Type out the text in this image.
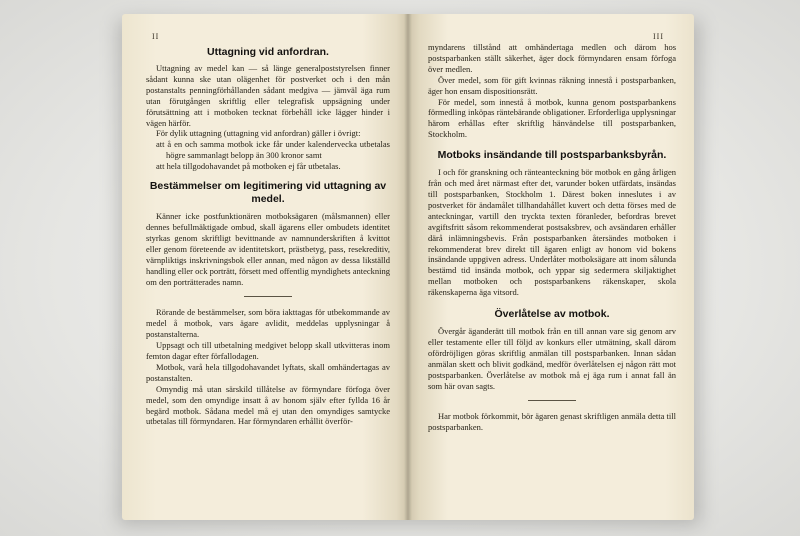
II
Uttagning vid anfordran.
Uttagning av medel kan — så länge generalpoststyrelsen finner sådant kunna ske utan olägenhet för postverket och i den mån postanstalts penningförhållanden sådant medgiva — jämväl äga rum utan förutgången skriftlig eller telegrafisk uppsägning under förutsättning att i motboken tecknat förbehåll icke lägger hinder i vägen härför.
För dylik uttagning (uttagning vid anfordran) gäller i övrigt:
att å en och samma motbok icke får under kalendervecka utbetalas högre sammanlagt belopp än 300 kronor samt
att hela tillgodohavandet på motboken ej får utbetalas.
Bestämmelser om legitimering vid uttagning av medel.
Känner icke postfunktionären motboksägaren (målsmannen) eller dennes befullmäktigade ombud, skall ägarens eller ombudets identitet styrkas genom skriftligt bevittnande av namnunderskriften å kvittot eller genom företeende av identitetskort, prästbetyg, pass, resekreditiv, värnpliktigs inskrivningsbok eller annan, med någon av dessa likställd handling eller ock porträtt, försett med offentlig myndighets anteckning om den porträtterades namn.
Rörande de bestämmelser, som böra iakttagas för utbekommande av medel å motbok, vars ägare avlidit, meddelas upplysningar å postanstalterna.
Uppsagt och till utbetalning medgivet belopp skall utkvitteras inom femton dagar efter förfallodagen.
Motbok, varå hela tillgodohavandet lyftats, skall omhändertagas av postanstalten.
Omyndig må utan särskild tillåtelse av förmyndare förfoga över medel, som den omyndige insatt å av honom själv efter fyllda 16 år begärd motbok. Sådana medel må ej utan den omyndiges samtycke utbetalas till förmyndaren. Har förmyndaren erhållit överför-
III
myndarens tillstånd att omhändertaga medlen och därom hos postsparbanken ställt säkerhet, äger dock förmyndaren ensam förfoga över medlen.
Över medel, som för gift kvinnas räkning innestå i postsparbanken, äger hon ensam dispositionsrätt.
För medel, som innestå å motbok, kunna genom postsparbankens förmedling inköpas räntebärande obligationer. Erforderliga upplysningar härom erhållas efter skriftlig hänvändelse till postsparbanken, Stockholm.
Motboks insändande till postsparbanksbyrån.
I och för granskning och ränteanteckning bör motbok en gång årligen från och med året närmast efter det, varunder boken utfärdats, insändas till postsparbanken, Stockholm 1. Därest boken inneslutes i av postverket för ändamålet tillhandahållet kuvert och detta förses med de anteckningar, vartill den tryckta texten föranleder, befordras brevet avgiftsfritt såsom rekommenderat postsaksbrev, och avsändaren erhåller därå inlämningsbevis. Från postsparbanken återsändes motboken i rekommenderat brev direkt till ägaren enligt av honom vid bokens insändande uppgiven adress. Underlåter motboksägare att inom sålunda bestämd tid insända motbok, och yppar sig sedermera skiljaktighet mellan motboken och postsparbankens räkenskaper, skola räkenskaperna äga vitsord.
Överlåtelse av motbok.
Övergår äganderätt till motbok från en till annan vare sig genom arv eller testamente eller till följd av konkurs eller utmätning, skall därom ofördröjligen göras skriftlig anmälan till postsparbanken. Innan sådan anmälan skett och blivit godkänd, medför överlåtelsen ej någon rätt mot postsparbanken. Överlåtelse av motbok må ej äga rum i annat fall än som här ovan sagts.
Har motbok förkommit, bör ägaren genast skriftligen anmäla detta till postsparbanken.
